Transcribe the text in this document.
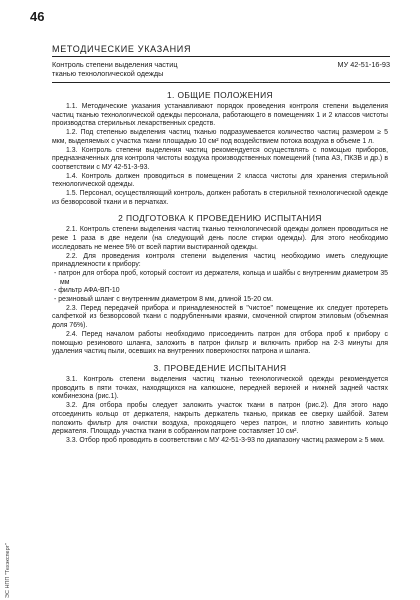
46
МЕТОДИЧЕСКИЕ УКАЗАНИЯ
Контроль степени выделения частиц
тканью технологической одежды
МУ 42-51-16-93
1. ОБЩИЕ ПОЛОЖЕНИЯ

1.1. Методические указания устанавливают порядок проведения контроля степени выделения частиц тканью технологической одежды персонала, работающего в помещениях 1 и 2 классов чистоты производства стерильных лекарственных средств.

1.2. Под степенью выделения частиц тканью подразумевается количество частиц размером ≥ 5 мкм, выделяемых с участка ткани площадью 10 см² под воздействием потока воздуха в объеме 1 л.

1.3. Контроль степени выделения частиц рекомендуется осуществлять с помощью приборов, предназначенных для контроля чистоты воздуха производственных помещений (типа АЗ, ПКЗВ и др.) в соответствии с МУ 42-51-3-93.

1.4. Контроль должен проводиться в помещении 2 класса чистоты для хранения стерильной технологической одежды.

1.5. Персонал, осуществляющий контроль, должен работать в стерильной технологической одежде из безворсовой ткани и в перчатках.

2 ПОДГОТОВКА К ПРОВЕДЕНИЮ ИСПЫТАНИЯ

2.1. Контроль степени выделения частиц тканью технологической одежды должен проводиться не реже 1 раза в две недели (на следующий день после стирки одежды). Для этого необходимо исследовать не менее 5% от всей партии выстиранной одежды.

2.2. Для проведения контроля степени выделения частиц необходимо иметь следующие принадлежности к прибору:

- патрон для отбора проб, который состоит из держателя, кольца и шайбы с внутренним диаметром 35 мм

- фильтр АФА-ВП-10

- резиновый шланг с внутренним диаметром 8 мм, длиной 15-20 см.

2.3. Перед передачей прибора и принадлежностей в "чистое" помещение их следует протереть салфеткой из безворсовой ткани с подрубленными краями, смоченной спиртом этиловым (объемная доля 76%).

2.4. Перед началом работы необходимо присоединить патрон для отбора проб к прибору с помощью резинового шланга, заложить в патрон фильтр и включить прибор на 2-3 минуты для удаления частиц пыли, осевших на внутренних поверхностях патрона и шланга.

3. ПРОВЕДЕНИЕ ИСПЫТАНИЯ

3.1. Контроль степени выделения частиц тканью технологической одежды рекомендуется проводить в пяти точках, находящихся на капюшоне, передней верхней и нижней задней частях комбинезона (рис.1).

3.2. Для отбора пробы следует заложить участок ткани в патрон (рис.2). Для этого надо отсоединить кольцо от держателя, накрыть держатель тканью, прижав ее сверху шайбой. Затем положить фильтр для очистки воздуха, проходящего через патрон, и плотно завинтить кольцо держателя. Площадь участка ткани в собранном патроне составляет 10 см².

3.3. Отбор проб проводить в соответствии с МУ 42-51-3-93 по диапазону частиц размером ≥ 5 мкм.

ЭС НПП "Техэксперт"
